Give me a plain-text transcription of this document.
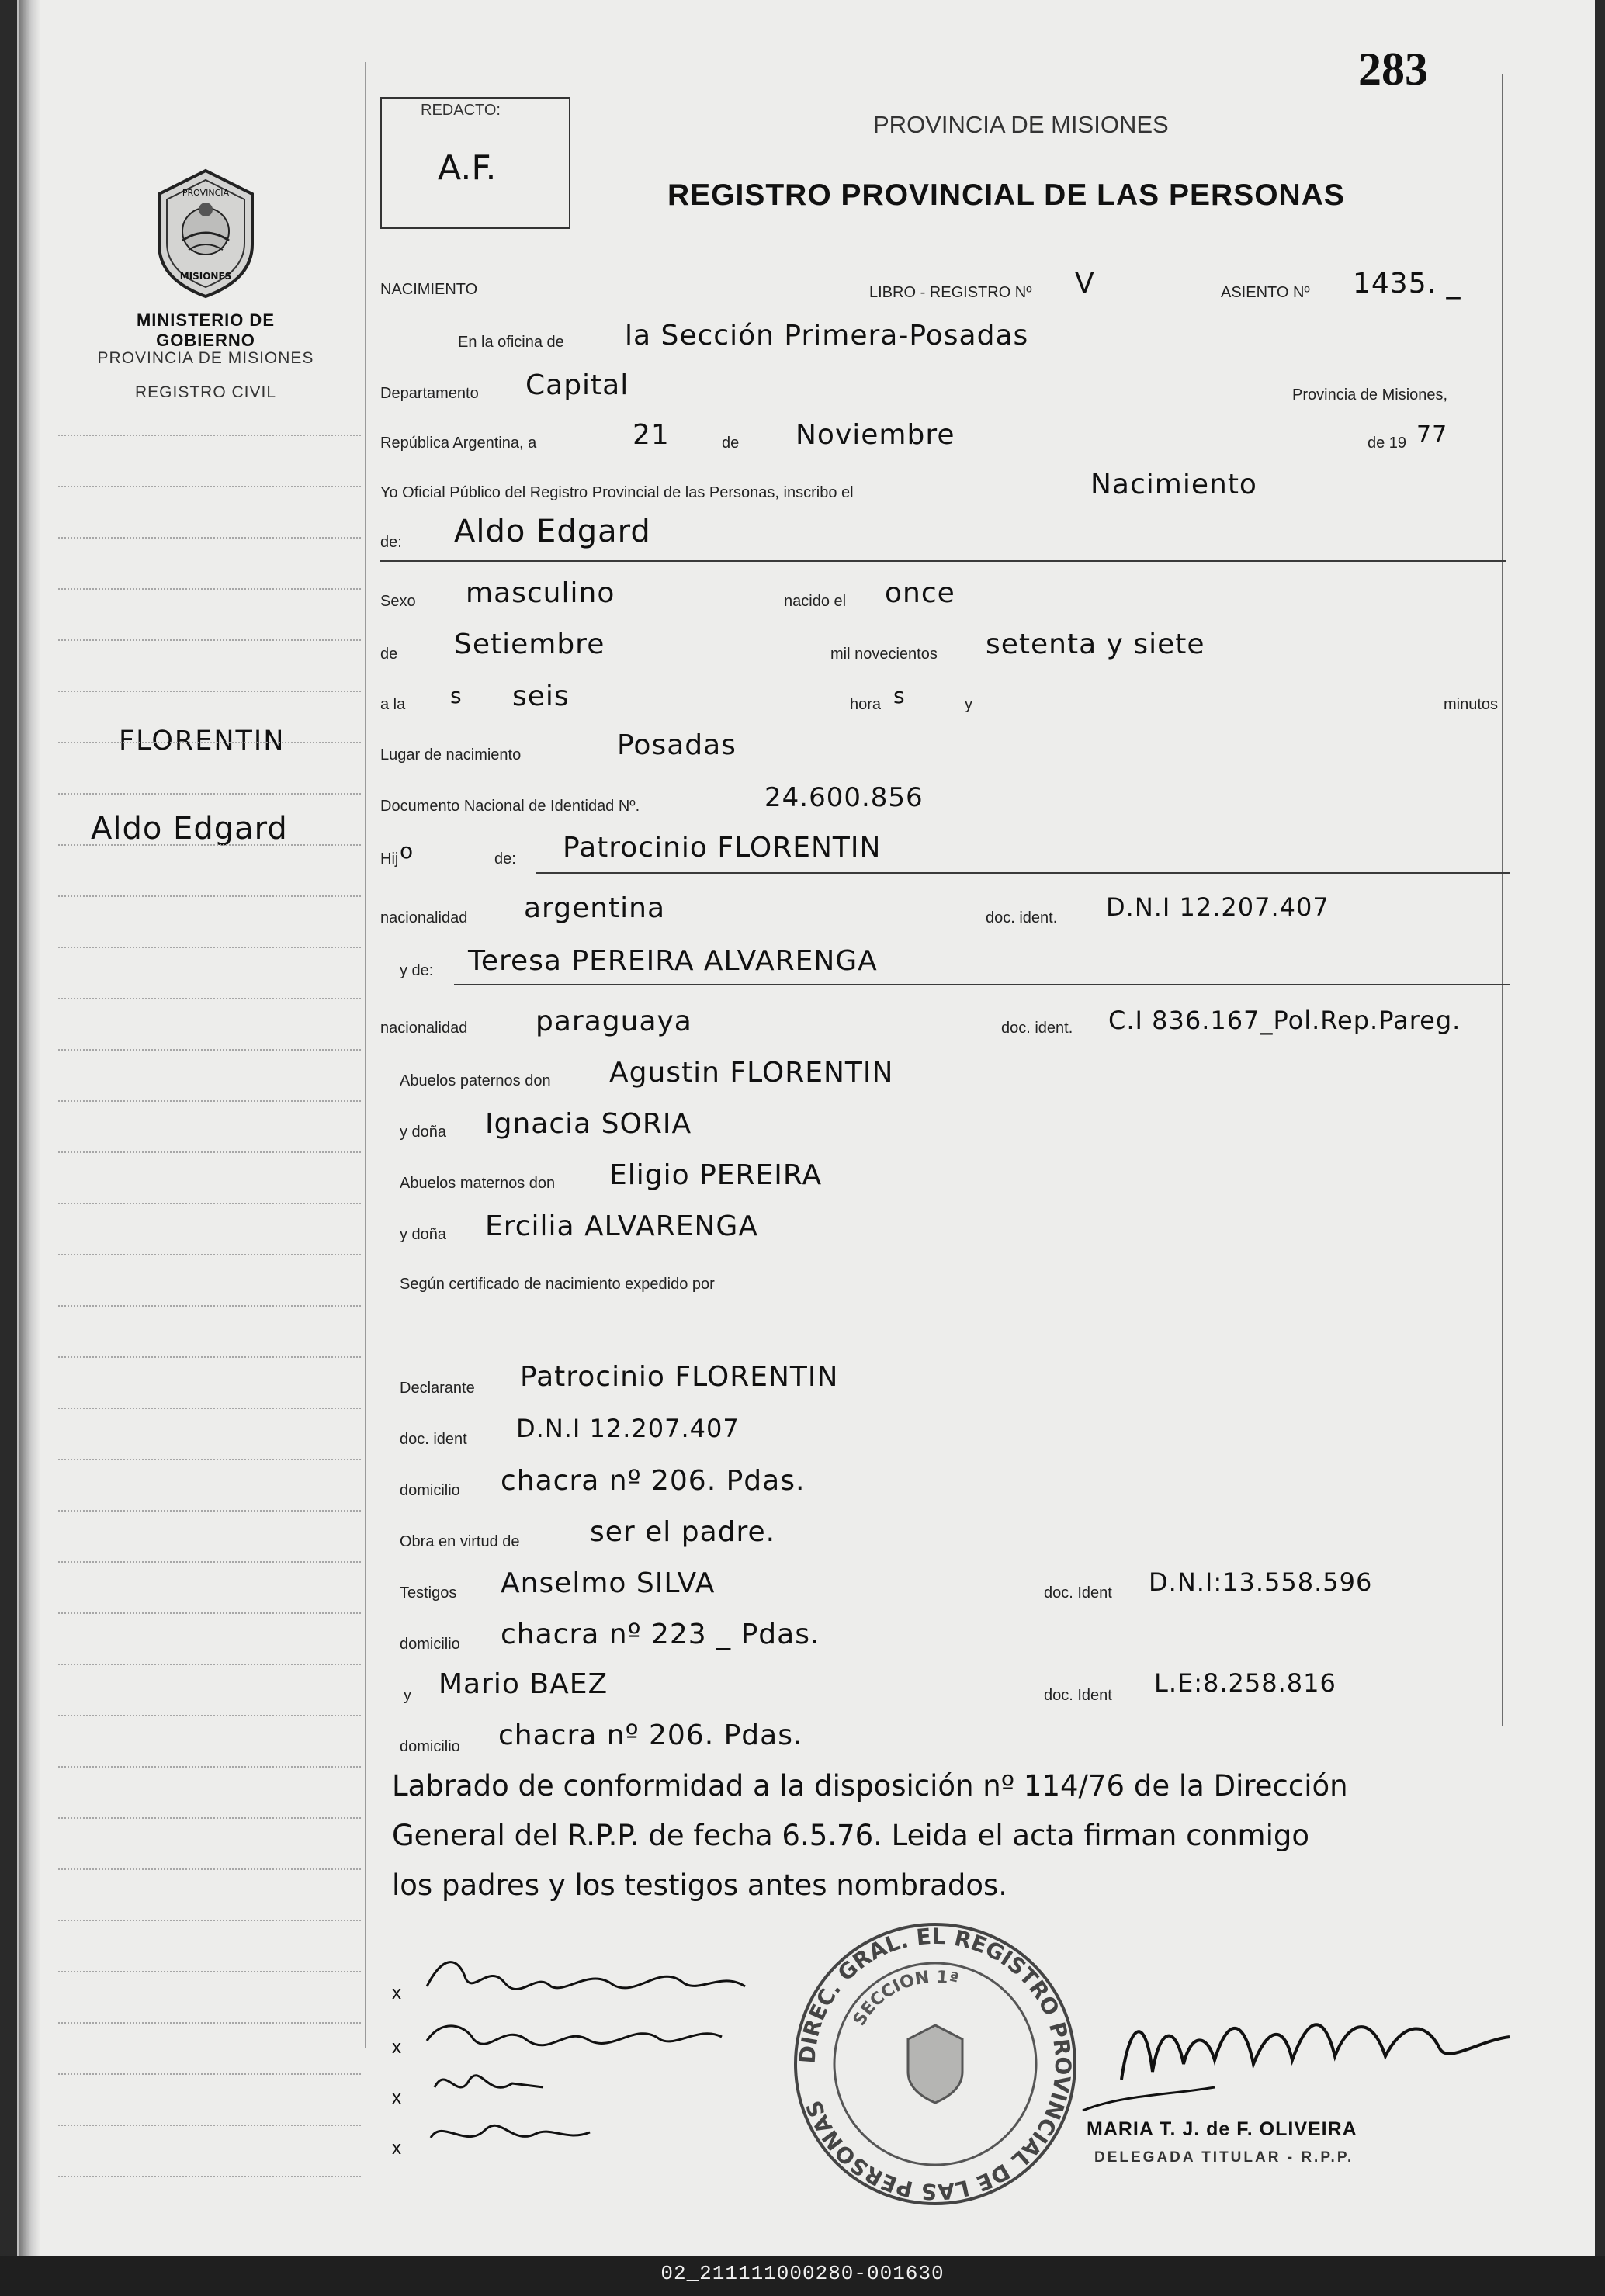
PROVINCIA
MISIONES
MINISTERIO DE GOBIERNO
PROVINCIA DE MISIONES
REGISTRO CIVIL
FLORENTIN
Aldo Edgard
283
REDACTO:
A.F.
PROVINCIA DE MISIONES
REGISTRO PROVINCIAL DE LAS PERSONAS
NACIMIENTO	LIBRO - REGISTRO Nº V	ASIENTO Nº 1435. _
En la oficina de la Sección Primera-Posadas
Departamento Capital	Provincia de Misiones,
República Argentina, a	21	de Noviembre	de 19 77
Yo Oficial Público del Registro Provincial de las Personas, inscribo el	Nacimiento
de: Aldo Edgard
Sexo masculino	nacido el once
de Setiembre	mil novecientos setenta y siete
a la s seis	hora s	y	minutos
Lugar de nacimiento	Posadas
Documento Nacional de Identidad Nº.	24.600.856
Hij o	de: Patrocinio FLORENTIN
nacionalidad argentina	doc. ident. D.N.I 12.207.407
y de: Teresa PEREIRA ALVARENGA
nacionalidad paraguaya	doc. ident. C.I 836.167_Pol.Rep.Pareg.
Abuelos paternos don Agustin FLORENTIN
y doña Ignacia SORIA
Abuelos maternos don Eligio PEREIRA
y doña Ercilia ALVARENGA
Según certificado de nacimiento expedido por
Declarante Patrocinio FLORENTIN
doc. ident D.N.I 12.207.407
domicilio chacra nº 206. Pdas.
Obra en virtud de	ser el padre.
Testigos Anselmo SILVA	doc. Ident D.N.I:13.558.596
domicilio chacra nº 223 _ Pdas.
y Mario BAEZ	doc. Ident L.E:8.258.816
domicilio chacra nº 206. Pdas.
Labrado de conformidad a la disposición nº 114/76 de la Dirección
General del R.P.P. de fecha 6.5.76. Leida el acta firman conmigo
los padres y los testigos antes nombrados.
x
x
x
x
DIREC. GRAL. EL REGISTRO PROVINCIAL DE LAS PERSONAS
SECCION 1ª
MARIA T. J. de F. OLIVEIRA
DELEGADA TITULAR - R.P.P.
02_211111000280-001630
